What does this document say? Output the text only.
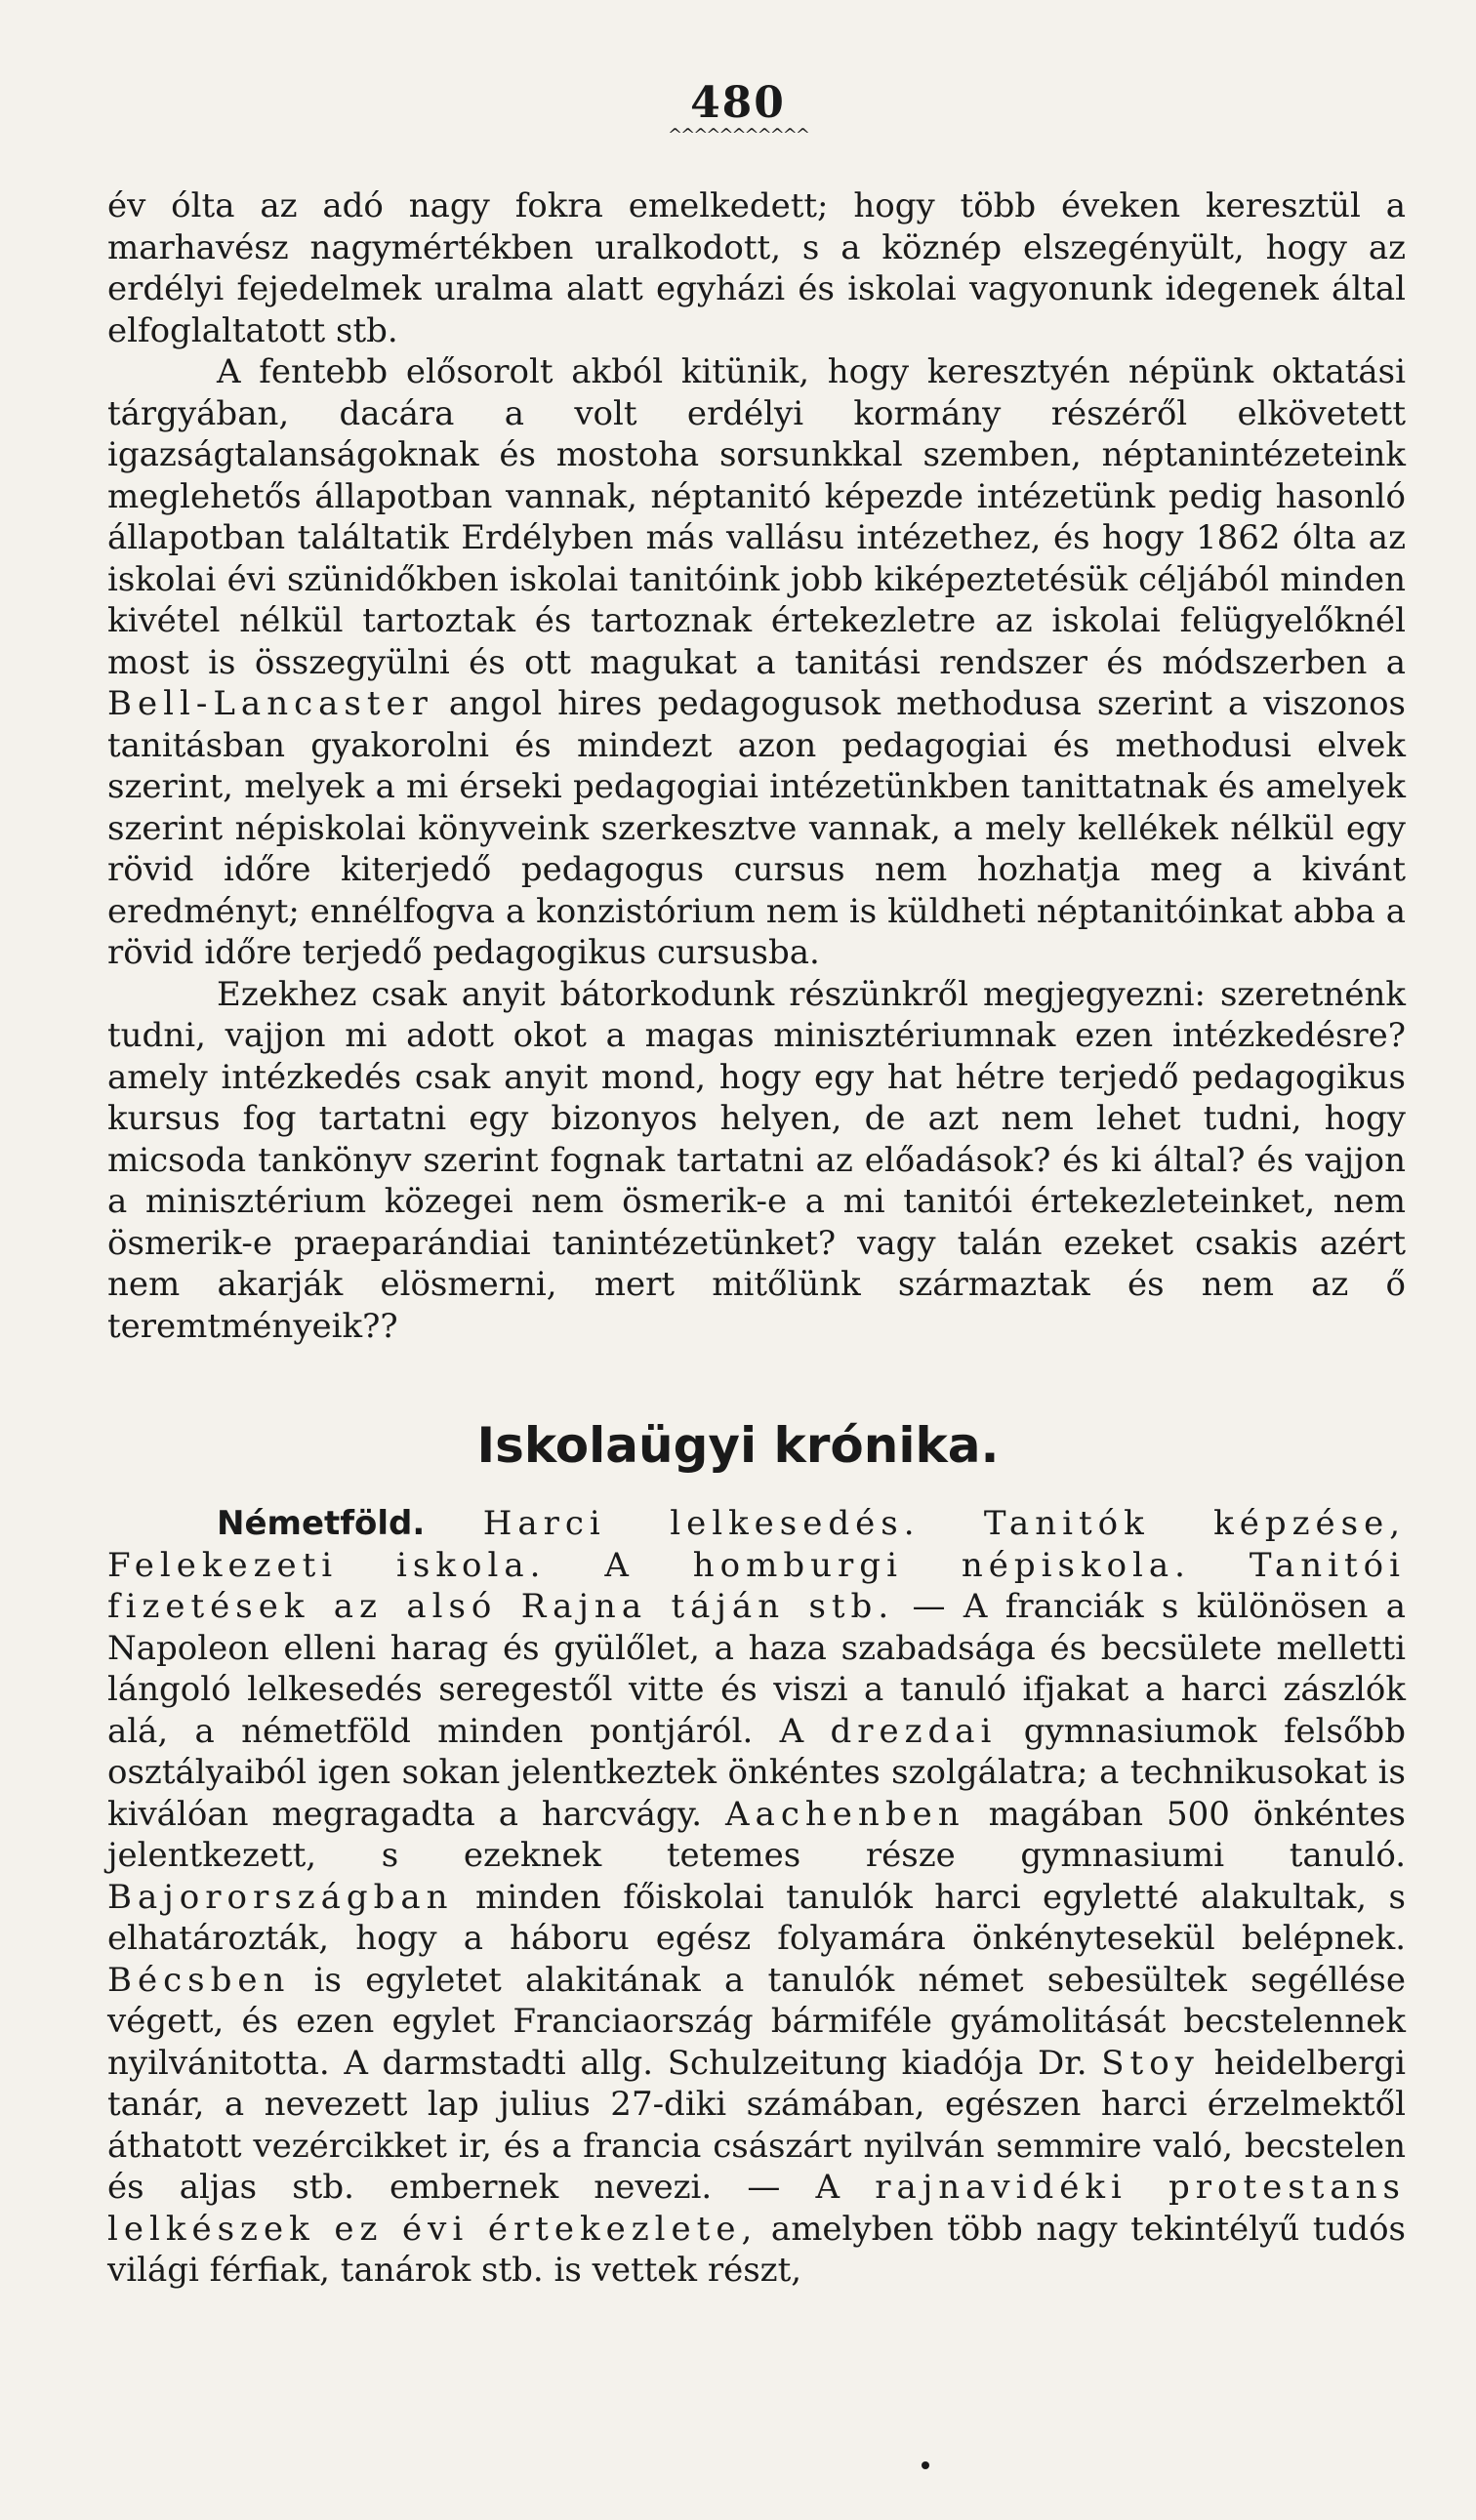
480
^^^^^^^^^^^

év ólta az adó nagy fokra emelkedett; hogy több éveken keresztül a marhavész nagymértékben uralkodott, s a köznép elszegényült, hogy az erdélyi fejedelmek uralma alatt egyházi és iskolai vagyonunk idegenek által elfoglaltatott stb.

A fentebb elősorolt akból kitünik, hogy keresztyén népünk oktatási tárgyában, dacára a volt erdélyi kormány részéről elkövetett igazságtalanságoknak és mostoha sorsunkkal szemben, néptanintézeteink meglehetős állapotban vannak, néptanitó képezde intézetünk pedig hasonló állapotban találtatik Erdélyben más vallásu intézethez, és hogy 1862 ólta az iskolai évi szünidőkben iskolai tanitóink jobb kiképeztetésük céljából minden kivétel nélkül tartoztak és tartoznak értekezletre az iskolai felügyelőknél most is összegyülni és ott magukat a tanitási rendszer és módszerben a Bell-Lancaster angol hires pedagogusok methodusa szerint a viszonos tanitásban gyakorolni és mindezt azon pedagogiai és methodusi elvek szerint, melyek a mi érseki pedagogiai intézetünkben tanittatnak és amelyek szerint népiskolai könyveink szerkesztve vannak, a mely kellékek nélkül egy rövid időre kiterjedő pedagogus cursus nem hozhatja meg a kivánt eredményt; ennélfogva a konzistórium nem is küldheti néptanitóinkat abba a rövid időre terjedő pedagogikus cursusba.

Ezekhez csak anyit bátorkodunk részünkről megjegyezni: szeretnénk tudni, vajjon mi adott okot a magas minisztériumnak ezen intézkedésre? amely intézkedés csak anyit mond, hogy egy hat hétre terjedő pedagogikus kursus fog tartatni egy bizonyos helyen, de azt nem lehet tudni, hogy micsoda tankönyv szerint fognak tartatni az előadások? és ki által? és vajjon a minisztérium közegei nem ösmerik-e a mi tanitói értekezleteinket, nem ösmerik-e praeparándiai tanintézetünket? vagy talán ezeket csakis azért nem akarják elösmerni, mert mitőlünk származtak és nem az ő teremtményeik??

Iskolaügyi krónika.

Németföld. Harci lelkesedés. Tanitók képzése, Felekezeti iskola. A homburgi népiskola. Tanitói fizetések az alsó Rajna táján stb. — A franciák s különösen a Napoleon elleni harag és gyülőlet, a haza szabadsága és becsülete melletti lángoló lelkesedés seregestől vitte és viszi a tanuló ifjakat a harci zászlók alá, a németföld minden pontjáról. A drezdai gymnasiumok felsőbb osztályaiból igen sokan jelentkeztek önkéntes szolgálatra; a technikusokat is kiválóan megragadta a harcvágy. Aachenben magában 500 önkéntes jelentkezett, s ezeknek tetemes része gymnasiumi tanuló. Bajorországban minden főiskolai tanulók harci egyletté alakultak, s elhatározták, hogy a háboru egész folyamára önkénytesekül belépnek. Bécsben is egyletet alakitának a tanulók német sebesültek segéllése végett, és ezen egylet Franciaország bármiféle gyámolitását becstelennek nyilvánitotta. A darmstadti allg. Schulzeitung kiadója Dr. Stoy heidelbergi tanár, a nevezett lap julius 27-diki számában, egészen harci érzelmektől áthatott vezércikket ir, és a francia császárt nyilván semmire való, becstelen és aljas stb. embernek nevezi. — A rajnavidéki protestans lelkészek ez évi értekezlete, amelyben több nagy tekintélyű tudós világi férfiak, tanárok stb. is vettek részt,
